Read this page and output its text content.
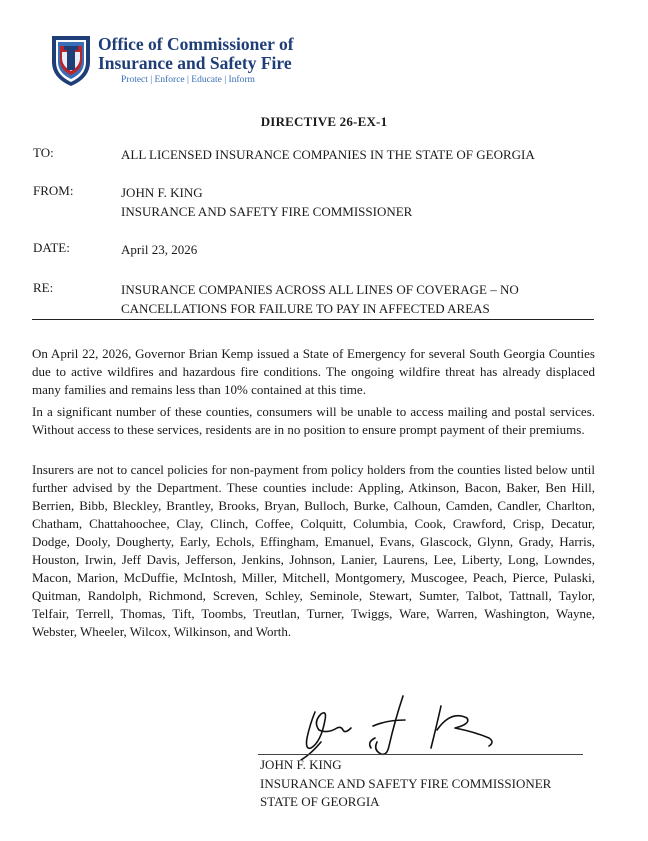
Office of Commissioner of
Insurance and Safety Fire
Protect | Enforce | Educate | Inform
DIRECTIVE 26-EX-1
TO:	ALL LICENSED INSURANCE COMPANIES IN THE STATE OF GEORGIA
FROM:	JOHN F. KING
INSURANCE AND SAFETY FIRE COMMISSIONER
DATE:	April 23, 2026
RE:	INSURANCE COMPANIES ACROSS ALL LINES OF COVERAGE – NO
CANCELLATIONS FOR FAILURE TO PAY IN AFFECTED AREAS
On April 22, 2026, Governor Brian Kemp issued a State of Emergency for several South Georgia Counties due to active wildfires and hazardous fire conditions. The ongoing wildfire threat has already displaced many families and remains less than 10% contained at this time.
In a significant number of these counties, consumers will be unable to access mailing and postal services. Without access to these services, residents are in no position to ensure prompt payment of their premiums.
Insurers are not to cancel policies for non-payment from policy holders from the counties listed below until further advised by the Department. These counties include: Appling, Atkinson, Bacon, Baker, Ben Hill, Berrien, Bibb, Bleckley, Brantley, Brooks, Bryan, Bulloch, Burke, Calhoun, Camden, Candler, Charlton, Chatham, Chattahoochee, Clay, Clinch, Coffee, Colquitt, Columbia, Cook, Crawford, Crisp, Decatur, Dodge, Dooly, Dougherty, Early, Echols, Effingham, Emanuel, Evans, Glascock, Glynn, Grady, Harris, Houston, Irwin, Jeff Davis, Jefferson, Jenkins, Johnson, Lanier, Laurens, Lee, Liberty, Long, Lowndes, Macon, Marion, McDuffie, McIntosh, Miller, Mitchell, Montgomery, Muscogee, Peach, Pierce, Pulaski, Quitman, Randolph, Richmond, Screven, Schley, Seminole, Stewart, Sumter, Talbot, Tattnall, Taylor, Telfair, Terrell, Thomas, Tift, Toombs, Treutlan, Turner, Twiggs, Ware, Warren, Washington, Wayne, Webster, Wheeler, Wilcox, Wilkinson, and Worth.
JOHN F. KING
INSURANCE AND SAFETY FIRE COMMISSIONER
STATE OF GEORGIA
